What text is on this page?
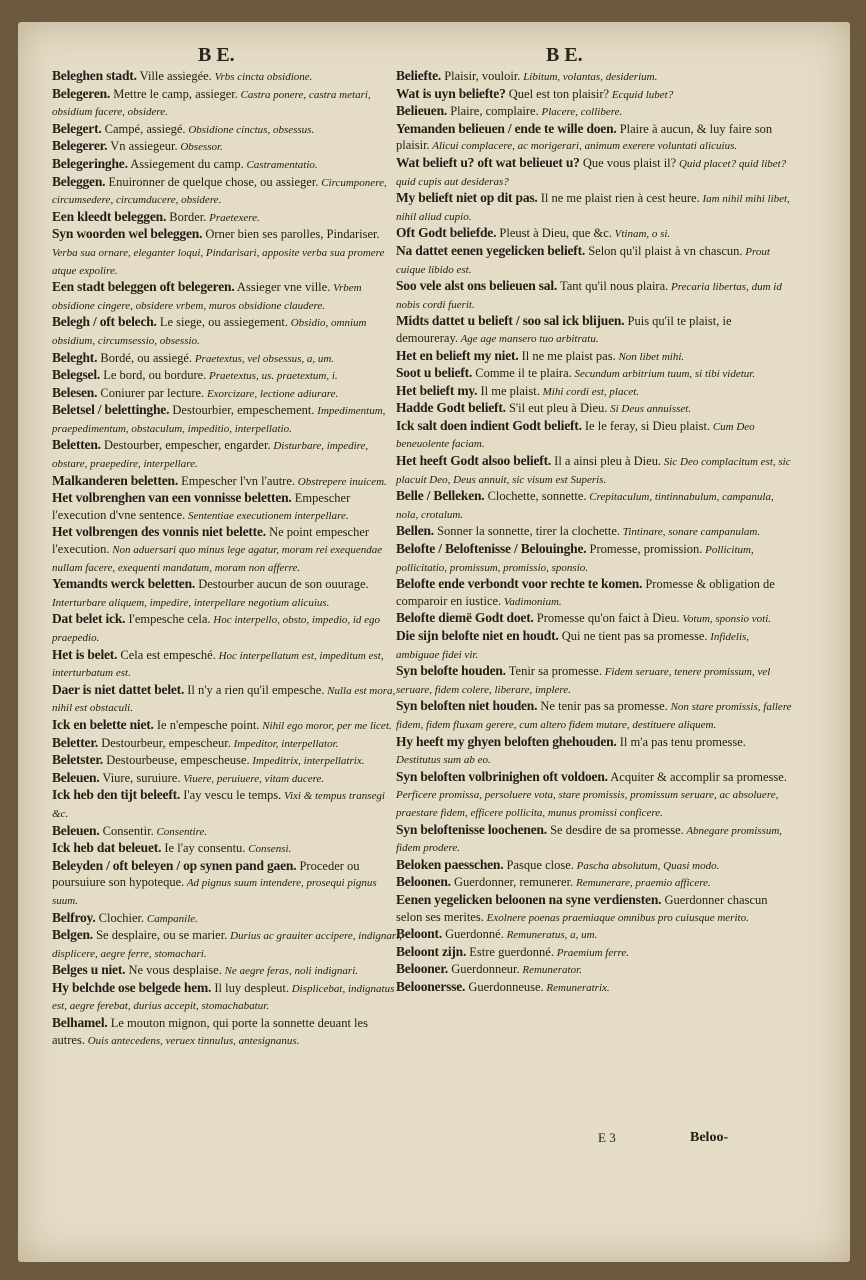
B E.	B E.

Beleghen stadt. Ville assiegée. Vrbs cincta obsidione.

Belegeren. Mettre le camp, assieger. Castra ponere, castra metari, obsidium facere, obsidere.

Belegert. Campé, assiegé. Obsidione cinctus, obsessus.

Belegerer. Vn assiegeur. Obsessor.

Belegeringhe. Assiegement du camp. Castramentatio.

Beleggen. Enuironner de quelque chose, ou assieger. Circumponere, circumsedere, circumducere, obsidere.

Een kleedt beleggen. Border. Praetexere.

Syn woorden wel beleggen. Orner bien ses parolles, Pindariser. Verba sua ornare, eleganter loqui, Pindarisari, apposite verba sua promere atque expolire.

Een stadt beleggen oft belegeren. Assieger vne ville. Vrbem obsidione cingere, obsidere vrbem, muros obsidione claudere.

Belegh / oft belech. Le siege, ou assiegement. Obsidio, omnium obsidium, circumsessio, obsessio.

Beleght. Bordé, ou assiegé. Praetextus, vel obsessus, a, um.

Belegsel. Le bord, ou bordure. Praetextus, us. praetextum, i.

Belesen. Coniurer par lecture. Exorcizare, lectione adiurare.

Beletsel / belettinghe. Destourbier, empeschement. Impedimentum, praepedimentum, obstaculum, impeditio, interpellatio.

Beletten. Destourber, empescher, engarder. Disturbare, impedire, obstare, praepedire, interpellare.

Malkanderen beletten. Empescher l'vn l'autre. Obstrepere inuicem.

Het volbrenghen van een vonnisse beletten. Empescher l'execution d'vne sentence. Sententiae executionem interpellare.

Het volbrengen des vonnis niet belette. Ne point empescher l'execution. Non aduersari quo minus lege agatur, moram rei exequendae nullam facere, exequenti mandatum, moram non afferre.

Yemandts werck beletten. Destourber aucun de son ouurage. Interturbare aliquem, impedire, interpellare negotium alicuius.

Dat belet ick. I'empesche cela. Hoc interpello, obsto, impedio, id ego praepedio.

Het is belet. Cela est empesché. Hoc interpellatum est, impeditum est, interturbatum est.

Daer is niet dattet belet. Il n'y a rien qu'il empesche. Nulla est mora, nihil est obstaculi.

Ick en belette niet. Ie n'empesche point. Nihil ego moror, per me licet.

Beletter. Destourbeur, empescheur. Impeditor, interpellator.

Beletster. Destourbeuse, empescheuse. Impeditrix, interpellatrix.

Beleuen. Viure, suruiure. Viuere, peruiuere, vitam ducere.

Ick heb den tijt beleeft. I'ay vescu le temps. Vixi & tempus transegi &c.

Beleuen. Consentir. Consentire.

Ick heb dat beleuet. Ie l'ay consentu. Consensi.

Beleyden / oft beleyen / op synen pand gaen. Proceder ou poursuiure son hypoteque. Ad pignus suum intendere, prosequi pignus suum.

Belfroy. Clochier. Campanile.

Belgen. Se desplaire, ou se marier. Durius ac grauiter accipere, indignari, displicere, aegre ferre, stomachari.

Belges u niet. Ne vous desplaise. Ne aegre feras, noli indignari.

Hy belchde ose belgede hem. Il luy despleut. Displicebat, indignatus est, aegre ferebat, durius accepit, stomachabatur.

Belhamel. Le mouton mignon, qui porte la sonnette deuant les autres. Ouis antecedens, veruex tinnulus, antesignanus.

Beliefte. Plaisir, vouloir. Libitum, volantas, desiderium.

Wat is uyn beliefte? Quel est ton plaisir? Ecquid lubet?

Belieuen. Plaire, complaire. Placere, collibere.

Yemanden belieuen / ende te wille doen. Plaire à aucun, & luy faire son plaisir. Alicui complacere, ac morigerari, animum exerere voluntati alicuius.

Wat belieft u? oft wat belieuet u? Que vous plaist il? Quid placet? quid libet? quid cupis aut desideras?

My belieft niet op dit pas. Il ne me plaist rien à cest heure. Iam nihil mihi libet, nihil aliud cupio.

Oft Godt beliefde. Pleust à Dieu, que &c. Vtinam, o si.

Na dattet eenen yegelicken belieft. Selon qu'il plaist à vn chascun. Prout cuique libido est.

Soo vele alst ons belieuen sal. Tant qu'il nous plaira. Precaria libertas, dum id nobis cordi fuerit.

Midts dattet u belieft / soo sal ick blijuen. Puis qu'il te plaist, ie demoureray. Age age mansero tuo arbitratu.

Het en belieft my niet. Il ne me plaist pas. Non libet mihi.

Soot u belieft. Comme il te plaira. Secundum arbitrium tuum, si tibi videtur.

Het belieft my. Il me plaist. Mihi cordi est, placet.

Hadde Godt belieft. S'il eut pleu à Dieu. Si Deus annuisset.

Ick salt doen indient Godt belieft. Ie le feray, si Dieu plaist. Cum Deo beneuolente faciam.

Het heeft Godt alsoo belieft. Il a ainsi pleu à Dieu. Sic Deo complacitum est, sic placuit Deo, Deus annuit, sic visum est Superis.

Belle / Belleken. Clochette, sonnette. Crepitaculum, tintinnabulum, campanula, nola, crotalum.

Bellen. Sonner la sonnette, tirer la clochette. Tintinare, sonare campanulam.

Belofte / Beloftenisse / Belouinghe. Promesse, promission. Pollicitum, pollicitatio, promissum, promissio, sponsio.

Belofte ende verbondt voor rechte te komen. Promesse & obligation de comparoir en iustice. Vadimonium.

Belofte diemë Godt doet. Promesse qu'on faict à Dieu. Votum, sponsio voti.

Die sijn belofte niet en houdt. Qui ne tient pas sa promesse. Infidelis, ambiguae fidei vir.

Syn belofte houden. Tenir sa promesse. Fidem seruare, tenere promissum, vel seruare, fidem colere, liberare, implere.

Syn beloften niet houden. Ne tenir pas sa promesse. Non stare promissis, fallere fidem, fidem fluxam gerere, cum altero fidem mutare, destituere aliquem.

Hy heeft my ghyen beloften ghehouden. Il m'a pas tenu promesse. Destitutus sum ab eo.

Syn beloften volbrinighen oft voldoen. Acquiter & accomplir sa promesse. Perficere promissa, persoluere vota, stare promissis, promissum seruare, ac absoluere, praestare fidem, efficere pollicita, munus promissi conficere.

Syn beloftenisse loochenen. Se desdire de sa promesse. Abnegare promissum, fidem prodere.

Beloken paesschen. Pasque close. Pascha absolutum, Quasi modo.

Beloonen. Guerdonner, remunerer. Remunerare, praemio afficere.

Eenen yegelicken beloonen na syne verdiensten. Guerdonner chascun selon ses merites. Exolnere poenas praemiaque omnibus pro cuiusque merito.

Beloont. Guerdonné. Remuneratus, a, um.

Beloont zijn. Estre guerdonné. Praemium ferre.

Belooner. Guerdonneur. Remunerator.

Beloonersse. Guerdonneuse. Remuneratrix.

E 3	Beloo-
